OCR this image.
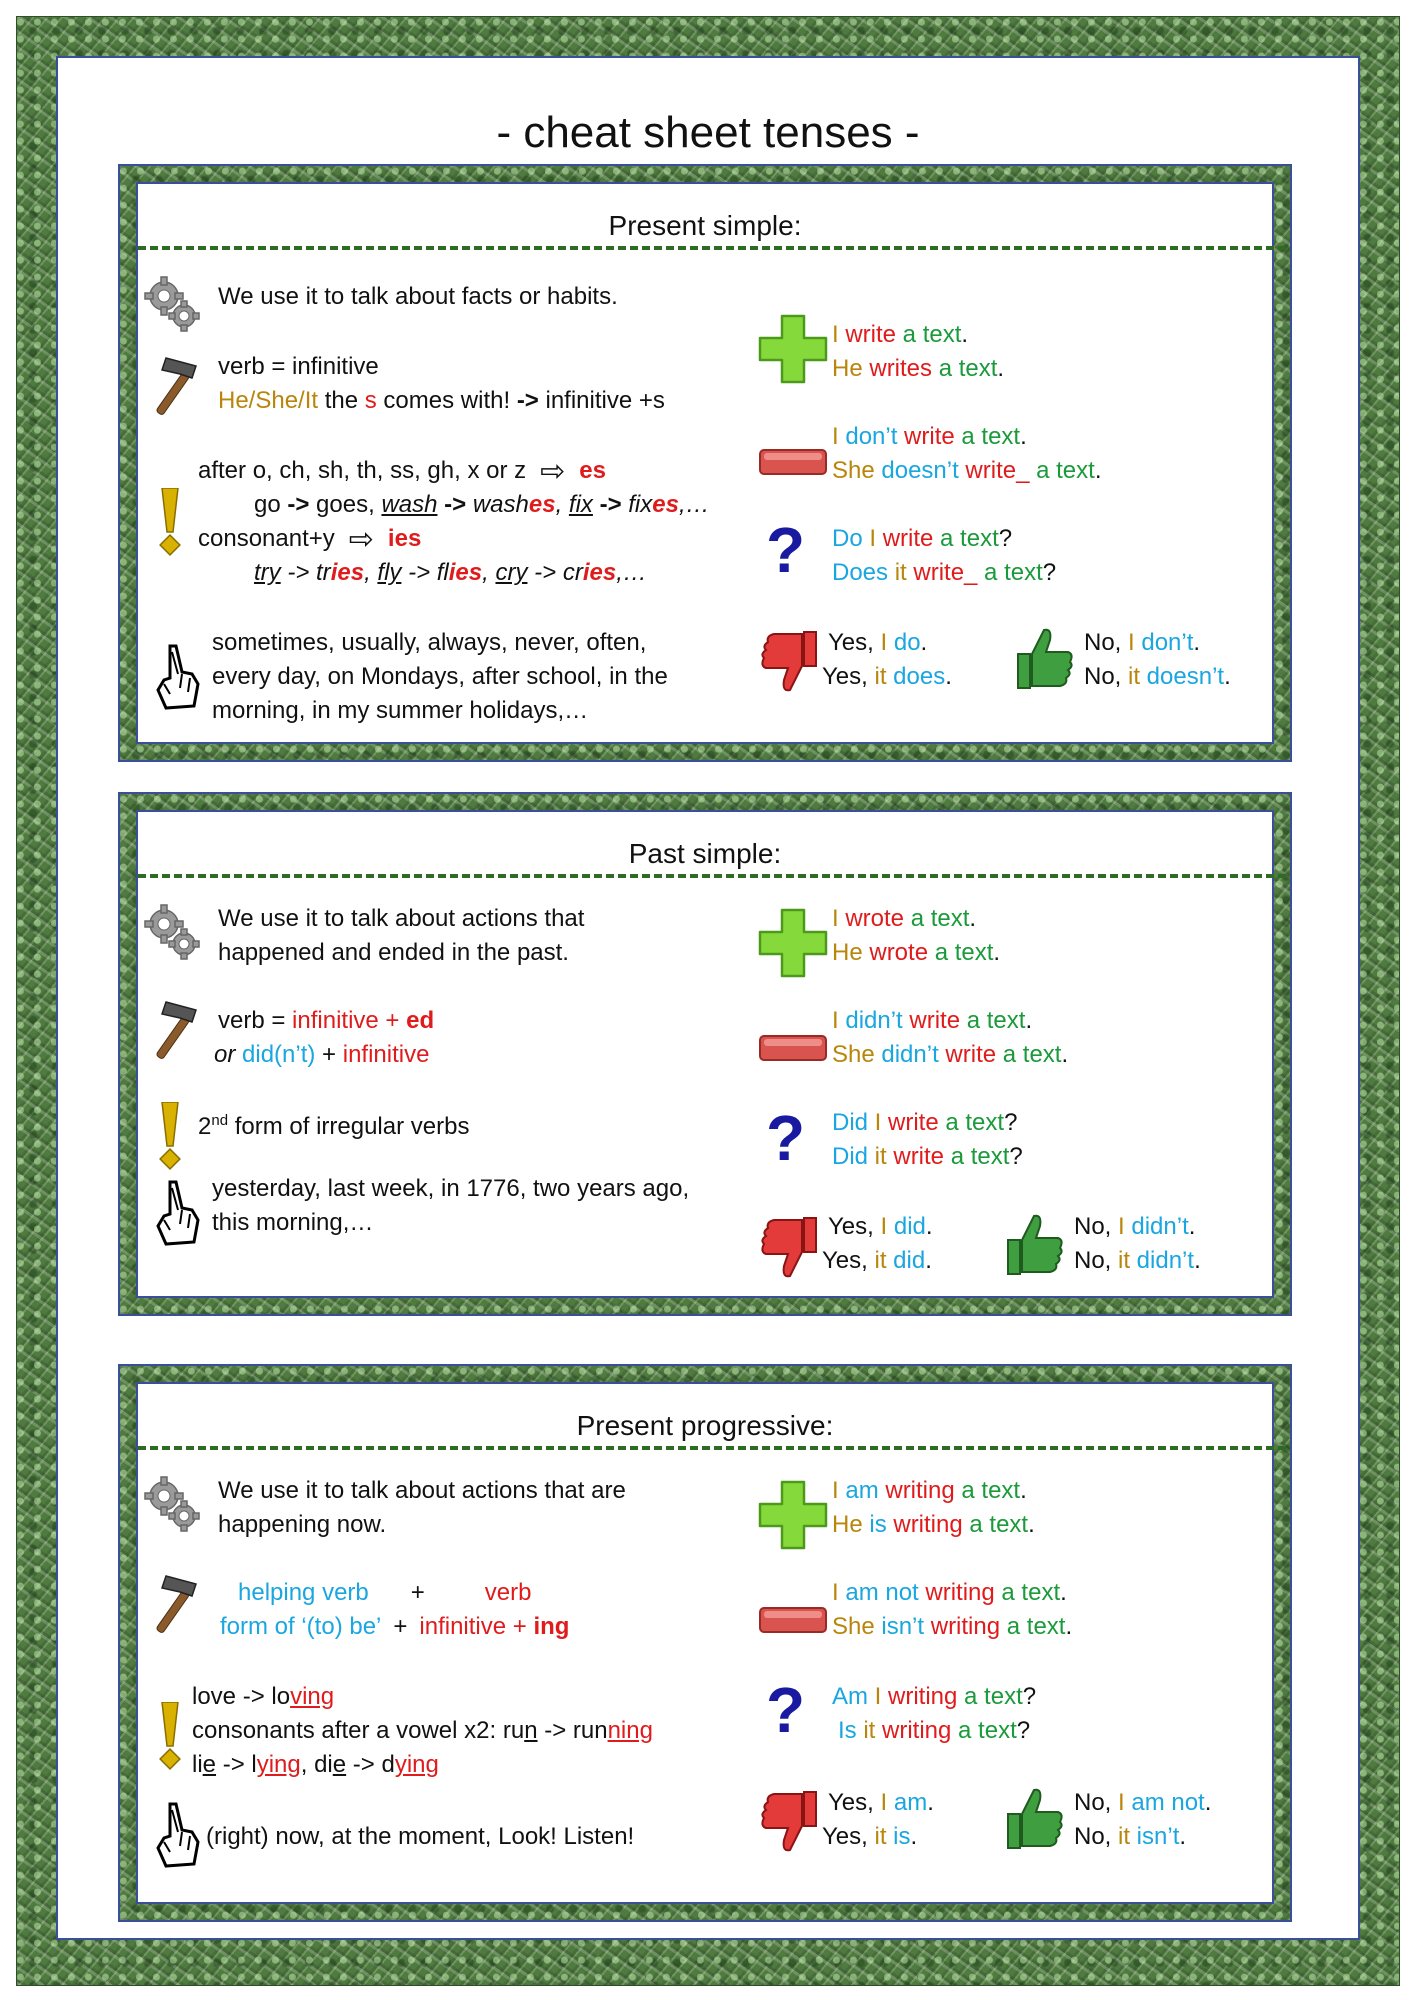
- cheat sheet tenses -
Present simple:
We use it to talk about facts or habits.
verb = infinitive
He/She/It the s comes with! -> infinitive +s
after o, ch, sh, th, ss, gh, x or z ⇨ es
go -> goes, wash -> washes, fix -> fixes,…
consonant+y ⇨ ies
try -> tries, fly -> flies, cry -> cries,…
sometimes, usually, always, never, often,
every day, on Mondays, after school, in the
morning, in my summer holidays,…
I write a text.
He writes a text.
I don’t write a text.
She doesn’t write_ a text.
Do I write a text?
Does it write_ a text?
Yes, I do.
Yes, it does.
No, I don’t.
No, it doesn’t.
Past simple:
We use it to talk about actions that
happened and ended in the past.
verb = infinitive + ed
or did(n’t) + infinitive
2nd form of irregular verbs
yesterday, last week, in 1776, two years ago,
this morning,…
I wrote a text.
He wrote a text.
I didn’t write a text.
She didn’t write a text.
Did I write a text?
Did it write a text?
Yes, I did.
Yes, it did.
No, I didn’t.
No, it didn’t.
Present progressive:
We use it to talk about actions that are
happening now.
helping verb +	verb
form of ‘(to) be’ + infinitive + ing
love -> loving
consonants after a vowel x2: run -> running
lie -> lying, die -> dying
(right) now, at the moment, Look! Listen!
I am writing a text.
He is writing a text.
I am not writing a text.
She isn’t writing a text.
Am I writing a text?
Is it writing a text?
Yes, I am.
Yes, it is.
No, I am not.
No, it isn’t.
